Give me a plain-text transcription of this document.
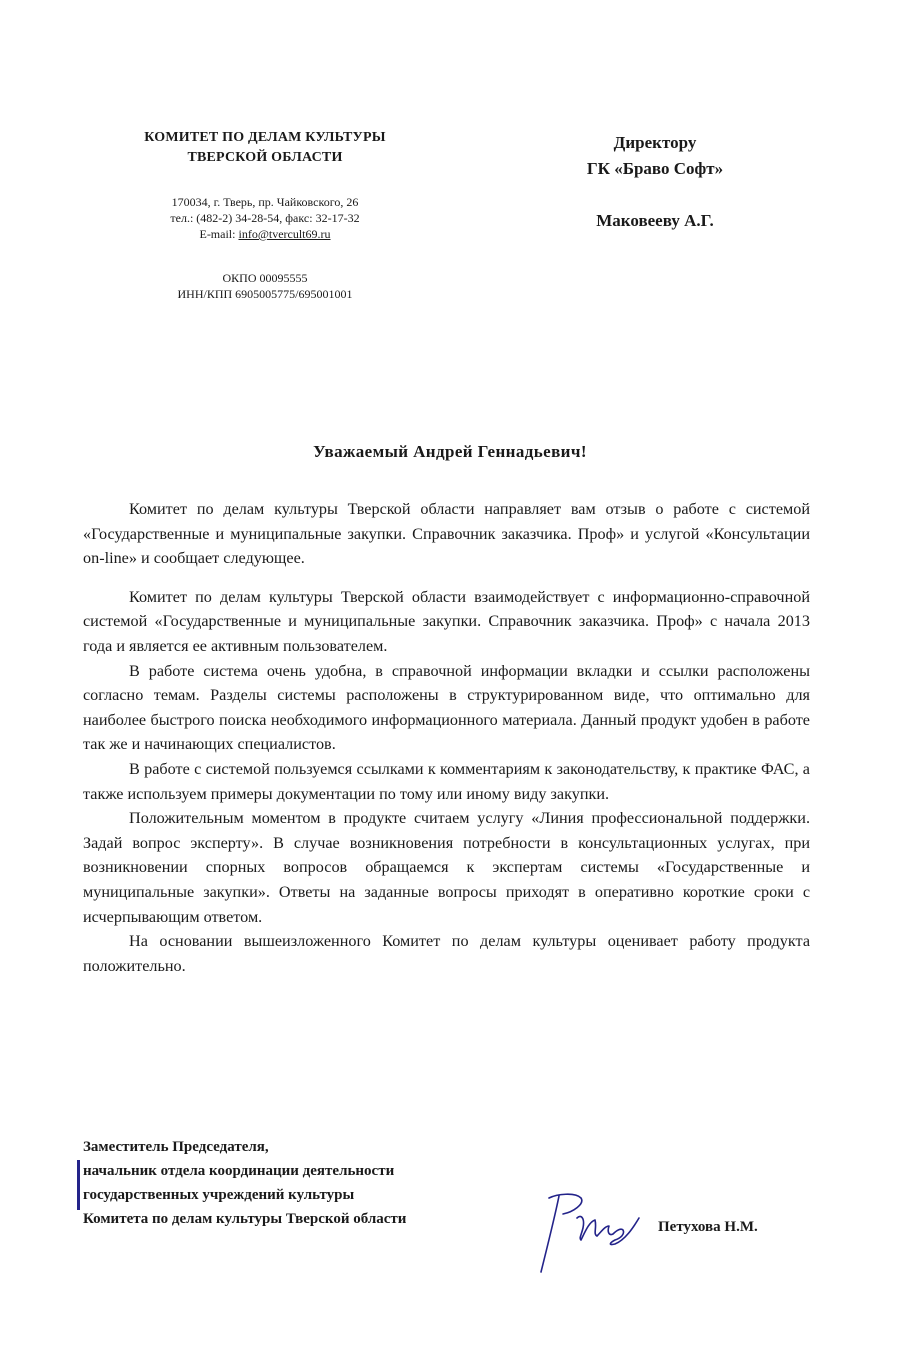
КОМИТЕТ ПО ДЕЛАМ КУЛЬТУРЫ
ТВЕРСКОЙ ОБЛАСТИ
170034, г. Тверь, пр. Чайковского, 26
тел.: (482-2) 34-28-54, факс: 32-17-32
E-mail: info@tvercult69.ru
ОКПО 00095555
ИНН/КПП 6905005775/695001001
Директору
ГК «Браво Софт»
Маковееву А.Г.
Уважаемый Андрей Геннадьевич!

Комитет по делам культуры Тверской области направляет вам отзыв о работе с системой «Государственные и муниципальные закупки. Справочник заказчика. Проф» и услугой «Консультации on-line» и сообщает следующее.

Комитет по делам культуры Тверской области взаимодействует с информационно-справочной системой «Государственные и муниципальные закупки. Справочник заказчика. Проф» с начала 2013 года и является ее активным пользователем.

В работе система очень удобна, в справочной информации вкладки и ссылки расположены согласно темам. Разделы системы расположены в структурированном виде, что оптимально для наиболее быстрого поиска необходимого информационного материала. Данный продукт удобен в работе так же и начинающих специалистов.

В работе с системой пользуемся ссылками к комментариям к законодательству, к практике ФАС, а также используем примеры документации по тому или иному виду закупки.

Положительным моментом в продукте считаем услугу «Линия профессиональной поддержки. Задай вопрос эксперту». В случае возникновения потребности в консультационных услугах, при возникновении спорных вопросов обращаемся к экспертам системы «Государственные и муниципальные закупки». Ответы на заданные вопросы приходят в оперативно короткие сроки с исчерпывающим ответом.

На основании вышеизложенного Комитет по делам культуры оценивает работу продукта положительно.

Заместитель Председателя,
начальник отдела координации деятельности
государственных учреждений культуры
Комитета по делам культуры Тверской области	Петухова Н.М.
